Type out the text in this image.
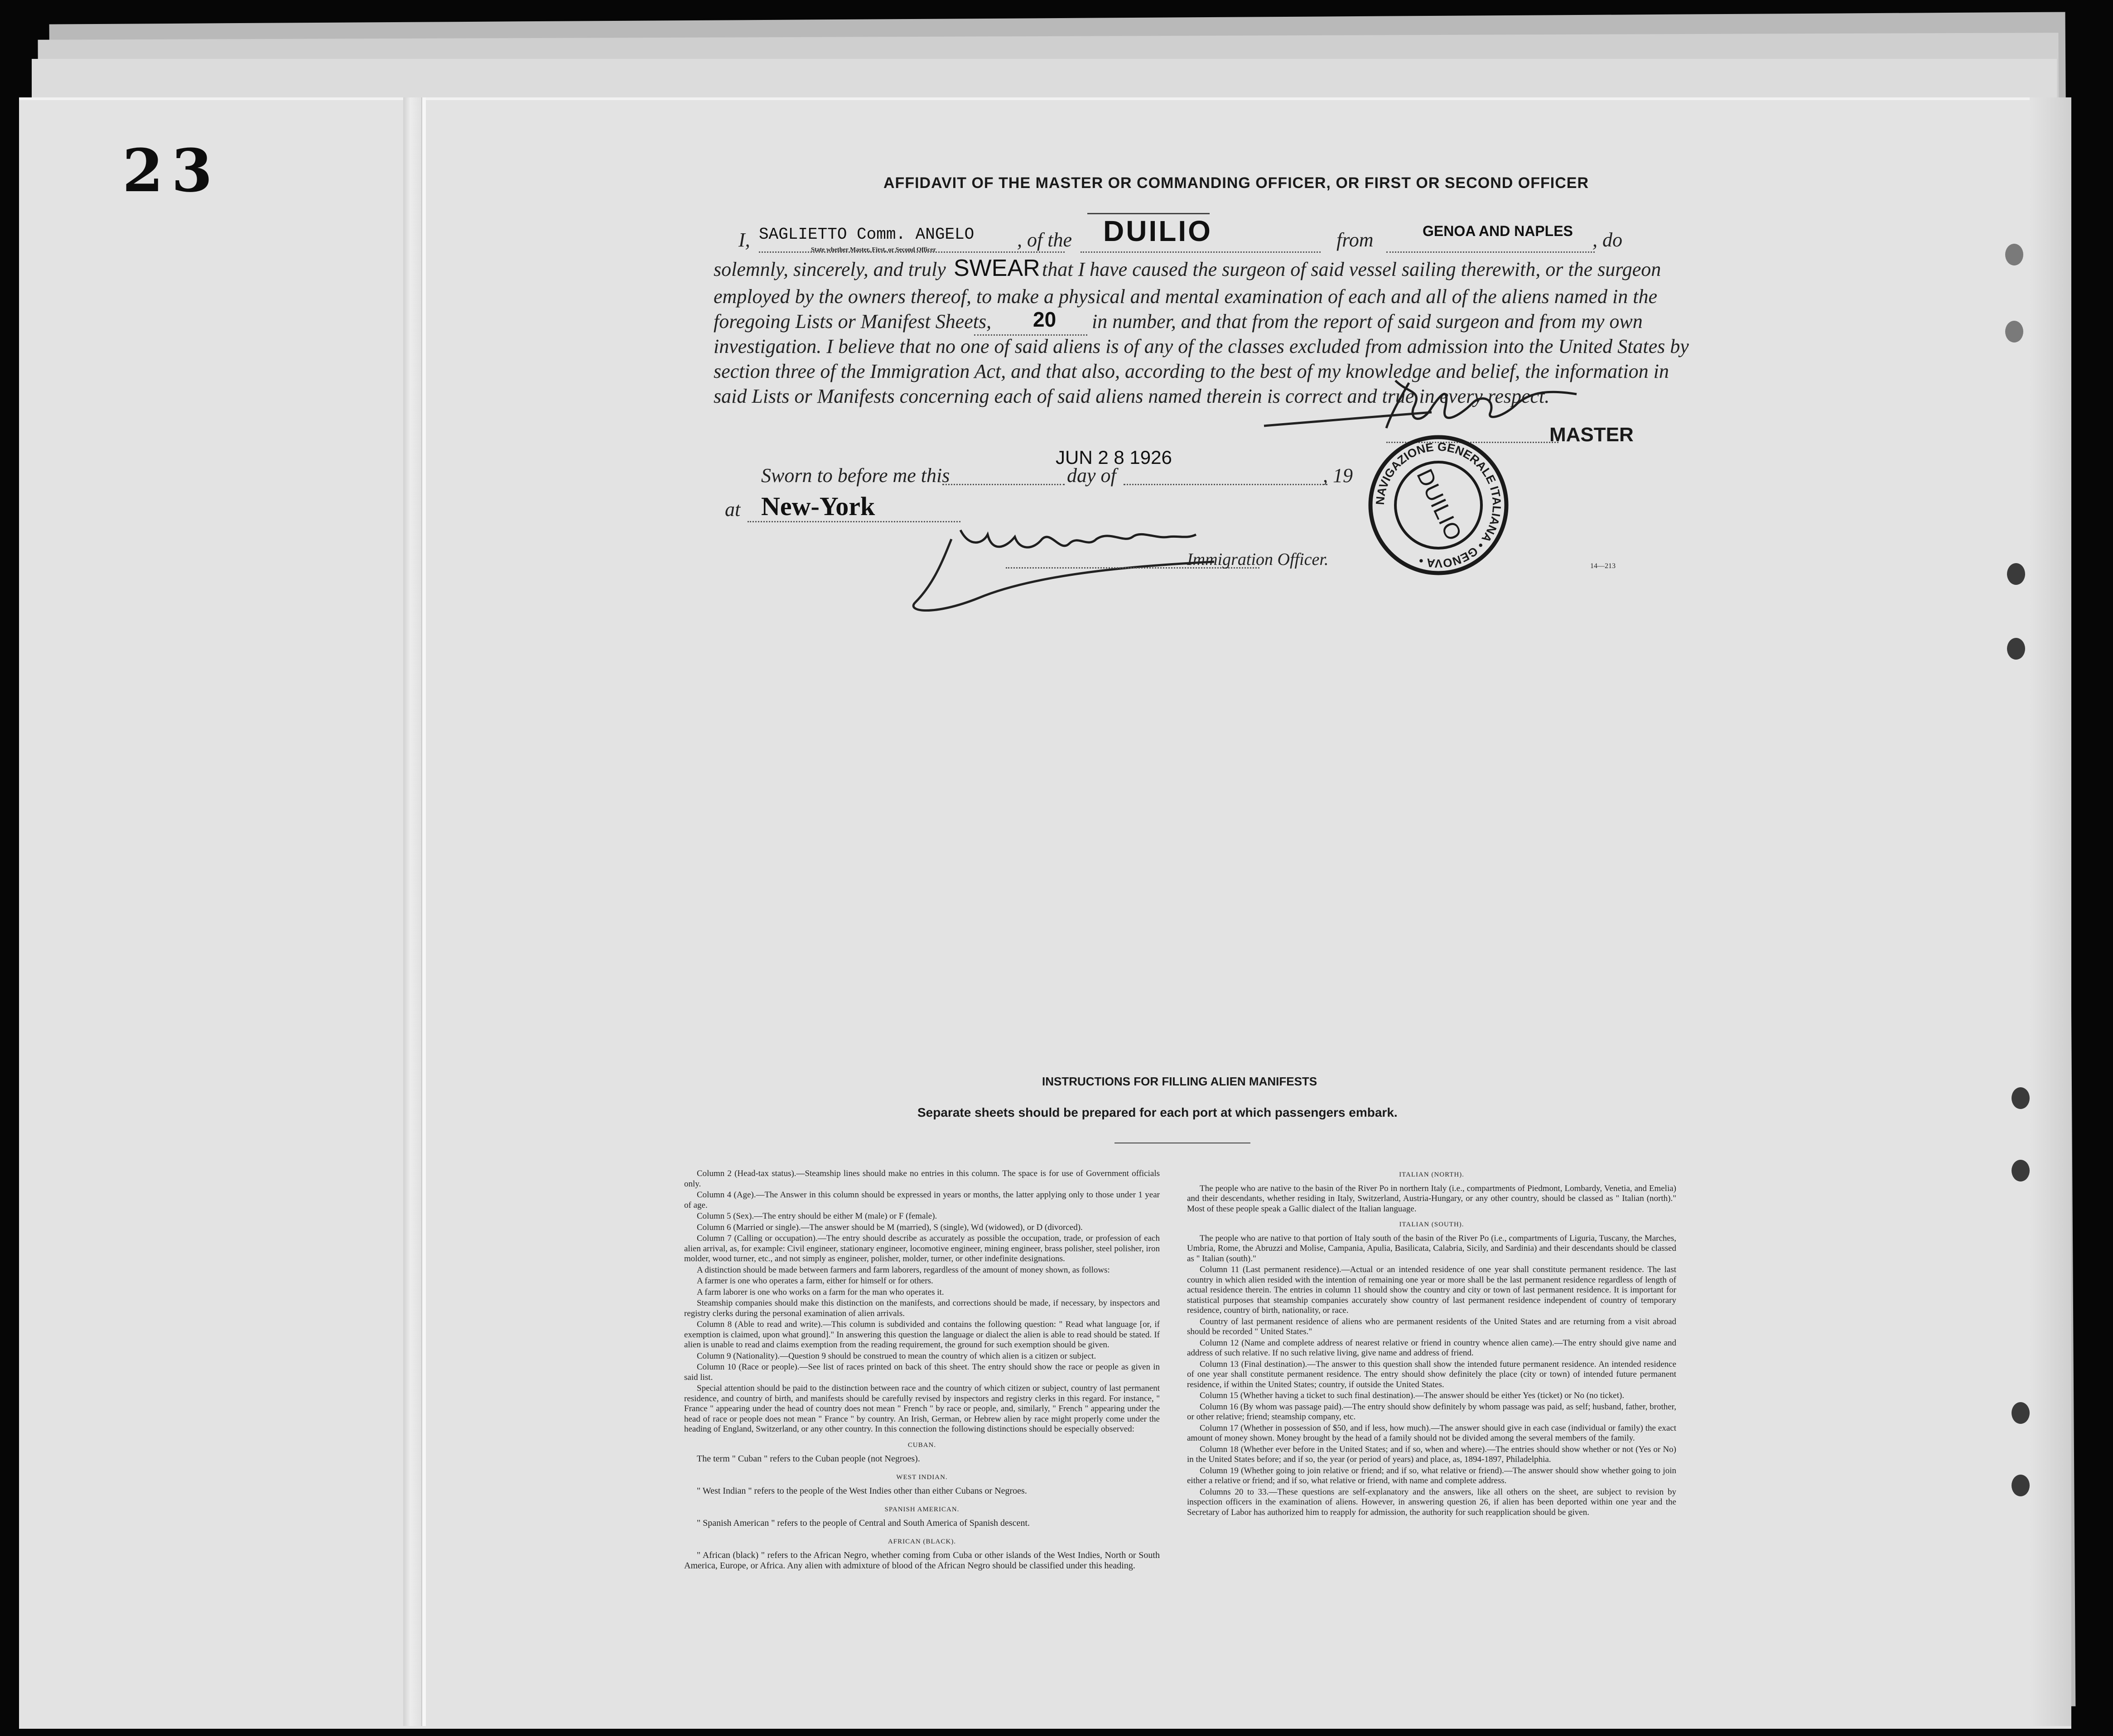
23	AFFIDAVIT OF THE MASTER OR COMMANDING OFFICER, OR FIRST OR SECOND OFFICER
I, SAGLIETTO Comm. ANGELO , of the DUILIO	from	GENOA AND NAPLES , do
State whether Master, First, or Second Officer
solemnly, sincerely, and truly SWEAR that I have caused the surgeon of said vessel sailing therewith, or the surgeon
employed by the owners thereof, to make a physical and mental examination of each and all of the aliens named in the
foregoing Lists or Manifest Sheets, 20 in number, and that from the report of said surgeon and from my own
investigation. I believe that no one of said aliens is of any of the classes excluded from admission into the United States by
section three of the Immigration Act, and that also, according to the best of my knowledge and belief, the information in
said Lists or Manifests concerning each of said aliens named therein is correct and true in every respect.
MASTER
NAVIGAZIONE GENERALE ITALIANA • GENOVA •
DUILIO
Sworn to before me this
JUN 2 8 1926
day of	, 19
at New-York
Immigration Officer.	14—213
INSTRUCTIONS FOR FILLING ALIEN MANIFESTS
Separate sheets should be prepared for each port at which passengers embark.

Column 2 (Head-tax status).—Steamship lines should make no entries in this column. The space is for use of Government officials only.

Column 4 (Age).—The Answer in this column should be expressed in years or months, the latter applying only to those under 1 year of age.

Column 5 (Sex).—The entry should be either M (male) or F (female).

Column 6 (Married or single).—The answer should be M (married), S (single), Wd (widowed), or D (divorced).

Column 7 (Calling or occupation).—The entry should describe as accurately as possible the occupation, trade, or profession of each alien arrival, as, for example: Civil engineer, stationary engineer, locomotive engineer, mining engineer, brass polisher, steel polisher, iron molder, wood turner, etc., and not simply as engineer, polisher, molder, turner, or other indefinite designations.

A distinction should be made between farmers and farm laborers, regardless of the amount of money shown, as follows:

A farmer is one who operates a farm, either for himself or for others.

A farm laborer is one who works on a farm for the man who operates it.

Steamship companies should make this distinction on the manifests, and corrections should be made, if necessary, by inspectors and registry clerks during the personal examination of alien arrivals.

Column 8 (Able to read and write).—This column is subdivided and contains the following question: " Read what language [or, if exemption is claimed, upon what ground]." In answering this question the language or dialect the alien is able to read should be stated. If alien is unable to read and claims exemption from the reading requirement, the ground for such exemption should be given.

Column 9 (Nationality).—Question 9 should be construed to mean the country of which alien is a citizen or subject.

Column 10 (Race or people).—See list of races printed on back of this sheet. The entry should show the race or people as given in said list.

Special attention should be paid to the distinction between race and the country of which citizen or subject, country of last permanent residence, and country of birth, and manifests should be carefully revised by inspectors and registry clerks in this regard. For instance, " France " appearing under the head of country does not mean " French " by race or people, and, similarly, " French " appearing under the head of race or people does not mean " France " by country. An Irish, German, or Hebrew alien by race might properly come under the heading of England, Switzerland, or any other country. In this connection the following distinctions should be especially observed:

CUBAN.

The term " Cuban " refers to the Cuban people (not Negroes).

WEST INDIAN.

" West Indian " refers to the people of the West Indies other than either Cubans or Negroes.

SPANISH AMERICAN.

" Spanish American " refers to the people of Central and South America of Spanish descent.

AFRICAN (BLACK).

" African (black) " refers to the African Negro, whether coming from Cuba or other islands of the West Indies, North or South America, Europe, or Africa. Any alien with admixture of blood of the African Negro should be classified under this heading.

ITALIAN (NORTH).

The people who are native to the basin of the River Po in northern Italy (i.e., compartments of Piedmont, Lombardy, Venetia, and Emelia) and their descendants, whether residing in Italy, Switzerland, Austria-Hungary, or any other country, should be classed as " Italian (north)." Most of these people speak a Gallic dialect of the Italian language.

ITALIAN (SOUTH).

The people who are native to that portion of Italy south of the basin of the River Po (i.e., compartments of Liguria, Tuscany, the Marches, Umbria, Rome, the Abruzzi and Molise, Campania, Apulia, Basilicata, Calabria, Sicily, and Sardinia) and their descendants should be classed as " Italian (south)."

Column 11 (Last permanent residence).—Actual or an intended residence of one year shall constitute permanent residence. The last country in which alien resided with the intention of remaining one year or more shall be the last permanent residence regardless of length of actual residence therein. The entries in column 11 should show the country and city or town of last permanent residence. It is important for statistical purposes that steamship companies accurately show country of last permanent residence independent of country of temporary residence, country of birth, nationality, or race.

Country of last permanent residence of aliens who are permanent residents of the United States and are returning from a visit abroad should be recorded " United States."

Column 12 (Name and complete address of nearest relative or friend in country whence alien came).—The entry should give name and address of such relative. If no such relative living, give name and address of friend.

Column 13 (Final destination).—The answer to this question shall show the intended future permanent residence. An intended residence of one year shall constitute permanent residence. The entry should show definitely the place (city or town) of intended future permanent residence, if within the United States; country, if outside the United States.

Column 15 (Whether having a ticket to such final destination).—The answer should be either Yes (ticket) or No (no ticket).

Column 16 (By whom was passage paid).—The entry should show definitely by whom passage was paid, as self; husband, father, brother, or other relative; friend; steamship company, etc.

Column 17 (Whether in possession of $50, and if less, how much).—The answer should give in each case (individual or family) the exact amount of money shown. Money brought by the head of a family should not be divided among the several members of the family.

Column 18 (Whether ever before in the United States; and if so, when and where).—The entries should show whether or not (Yes or No) in the United States before; and if so, the year (or period of years) and place, as, 1894-1897, Philadelphia.

Column 19 (Whether going to join relative or friend; and if so, what relative or friend).—The answer should show whether going to join either a relative or friend; and if so, what relative or friend, with name and complete address.

Columns 20 to 33.—These questions are self-explanatory and the answers, like all others on the sheet, are subject to revision by inspection officers in the examination of aliens. However, in answering question 26, if alien has been deported within one year and the Secretary of Labor has authorized him to reapply for admission, the authority for such reapplication should be given.
